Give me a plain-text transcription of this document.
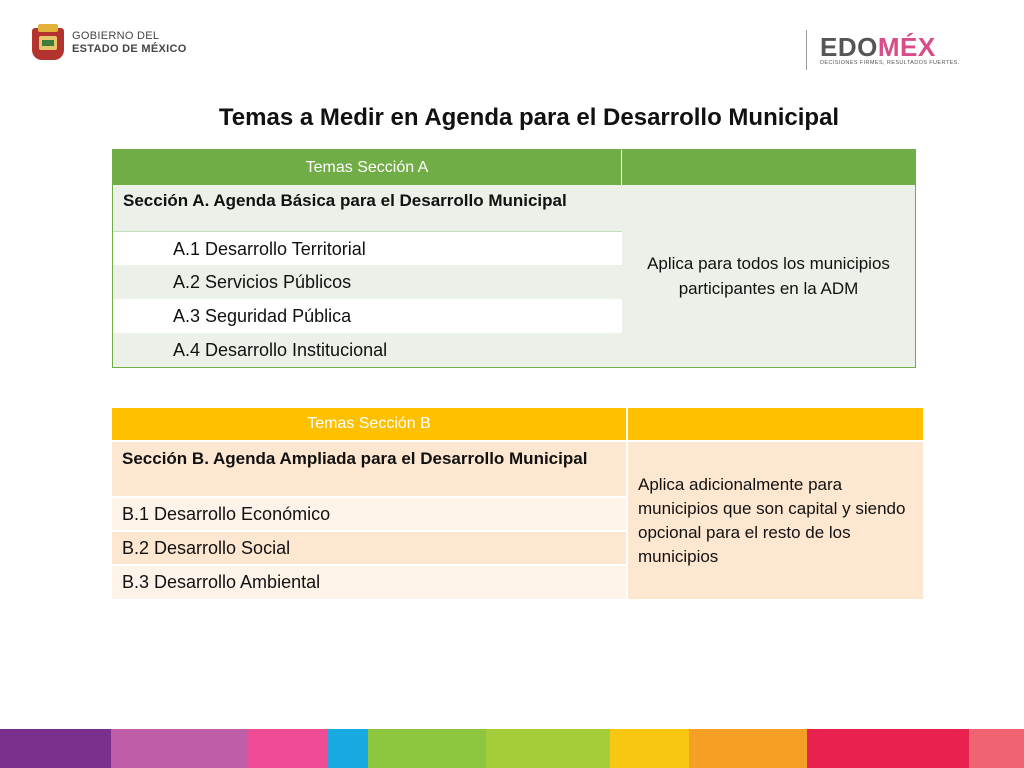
GOBIERNO DEL
ESTADO DE MÉXICO	EDOMÉX
DECISIONES FIRMES, RESULTADOS FUERTES.
Temas a Medir en Agenda para el Desarrollo Municipal
Temas Sección A
Sección A. Agenda Básica para el Desarrollo Municipal
A.1 Desarrollo Territorial
A.2 Servicios Públicos
A.3 Seguridad Pública
A.4 Desarrollo Institucional
Aplica para todos los municipios participantes en la ADM
Temas Sección B
Sección B. Agenda Ampliada para el Desarrollo Municipal
B.1 Desarrollo Económico
B.2 Desarrollo Social
B.3 Desarrollo Ambiental
Aplica adicionalmente para municipios que son capital y siendo opcional para el resto de los municipios
